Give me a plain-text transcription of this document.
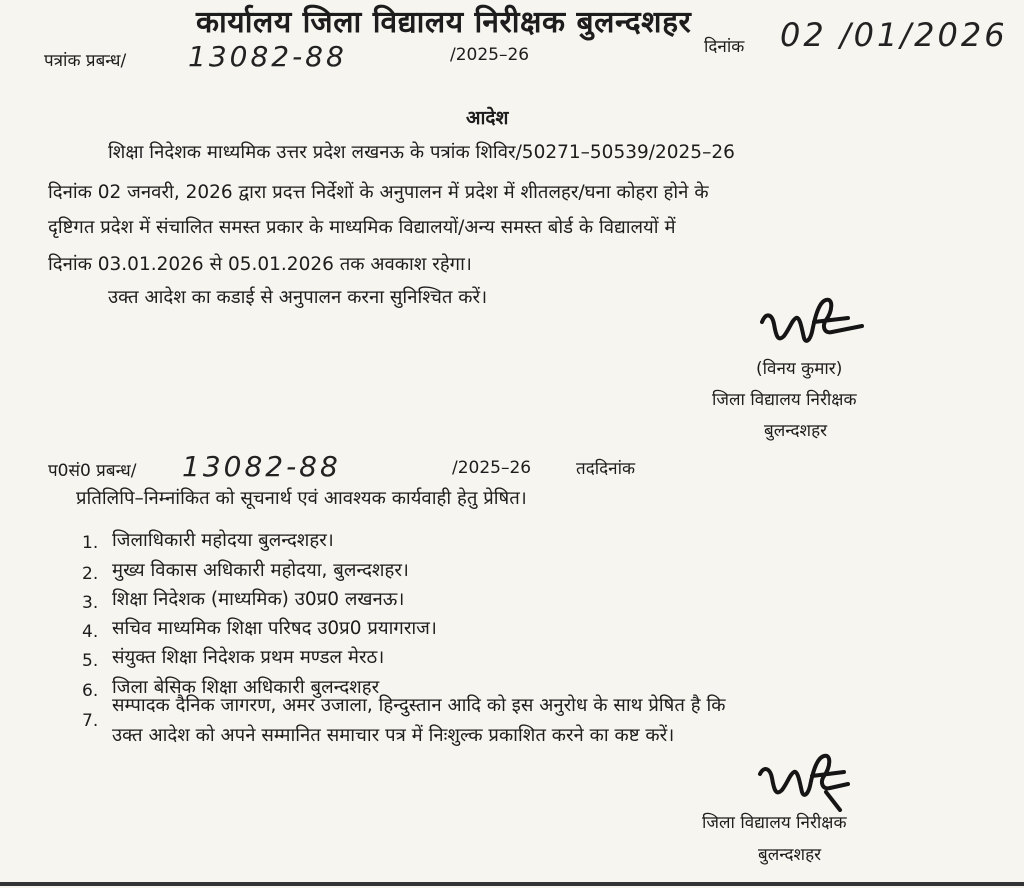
कार्यालय जिला विद्यालय निरीक्षक बुलन्दशहर
पत्रांक प्रबन्ध/ 13082-88	/2025–26	दिनांक 02 /01/2026
आदेश
शिक्षा निदेशक माध्यमिक उत्तर प्रदेश लखनऊ के पत्रांक शिविर/50271–50539/2025–26
दिनांक 02 जनवरी, 2026 द्वारा प्रदत्त निर्देशों के अनुपालन में प्रदेश में शीतलहर/घना कोहरा होने के
दृष्टिगत प्रदेश में संचालित समस्त प्रकार के माध्यमिक विद्यालयों/अन्य समस्त बोर्ड के विद्यालयों में
दिनांक 03.01.2026 से 05.01.2026 तक अवकाश रहेगा।
उक्त आदेश का कडाई से अनुपालन करना सुनिश्चित करें।
(विनय कुमार)
जिला विद्यालय निरीक्षक
बुलन्दशहर
प0सं0 प्रबन्ध/ 13082-88	/2025–26	तददिनांक
प्रतिलिपि–निम्नांकित को सूचनार्थ एवं आवश्यक कार्यवाही हेतु प्रेषित।
1. जिलाधिकारी महोदया बुलन्दशहर।
2. मुख्य विकास अधिकारी महोदया, बुलन्दशहर।
3. शिक्षा निदेशक (माध्यमिक) उ0प्र0 लखनऊ।
4. सचिव माध्यमिक शिक्षा परिषद उ0प्र0 प्रयागराज।
5. संयुक्त शिक्षा निदेशक प्रथम मण्डल मेरठ।
6. जिला बेसिक शिक्षा अधिकारी बुलन्दशहर
7.
सम्पादक दैनिक जागरण, अमर उजाला, हिन्दुस्तान आदि को इस अनुरोध के साथ प्रेषित है कि
उक्त आदेश को अपने सम्मानित समाचार पत्र में निःशुल्क प्रकाशित करने का कष्ट करें।
जिला विद्यालय निरीक्षक
बुलन्दशहर
